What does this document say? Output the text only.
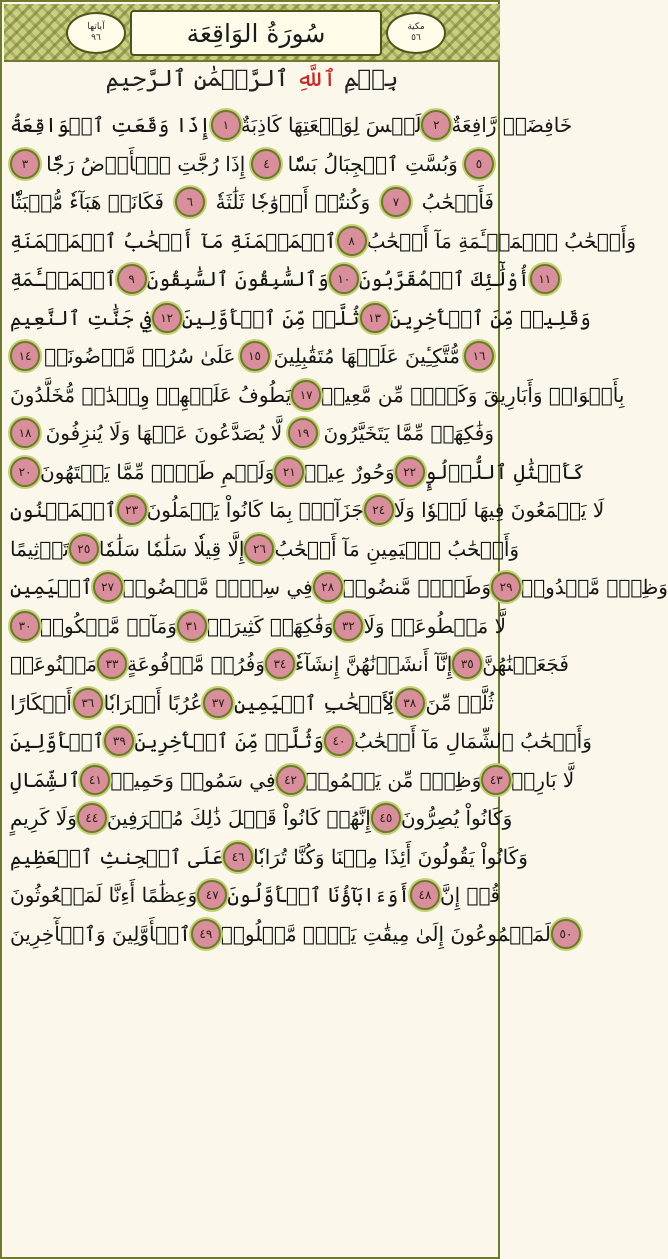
آياتها
٩٦	سُورَةُ الوَاقِعَة	مكية
٥٦
بِسۡمِ ٱللَّهِ ٱلرَّحۡمَٰنِ ٱلرَّحِيمِ
إِذَا وَقَعَتِ ٱلۡوَاقِعَةُ ١ لَيۡسَ لِوَقۡعَتِهَا كَاذِبَةٌ ٢ خَافِضَةٞ رَّافِعَةٌ
٣ إِذَا رُجَّتِ ٱلۡأَرۡضُ رَجّٗا	٤ وَبُسَّتِ ٱلۡجِبَالُ بَسّٗا	٥
فَكَانَتۡ هَبَآءٗ مُّنۢبَثّٗا	٦	وَكُنتُمۡ أَزۡوَٰجٗا ثَلَٰثَةٗ	٧	فَأَصۡحَٰبُ
ٱلۡمَيۡمَنَةِ مَآ أَصۡحَٰبُ ٱلۡمَيۡمَنَةِ ٨ وَأَصۡحَٰبُ ٱلۡمَشۡـَٔمَةِ مَآ أَصۡحَٰبُ
ٱلۡمَشۡـَٔمَةِ ٩ وَٱلسَّٰبِقُونَ ٱلسَّٰبِقُونَ ١٠ أُوْلَٰٓئِكَ ٱلۡمُقَرَّبُونَ ١١
فِي جَنَّٰتِ ٱلنَّعِيمِ ١٢ ثُلَّةٞ مِّنَ ٱلۡأَوَّلِينَ ١٣ وَقَلِيلٞ مِّنَ ٱلۡأٓخِرِينَ
١٤ عَلَىٰ سُرُرٖ مَّوۡضُونَةٖ	١٥ مُّتَّكِـِٔينَ عَلَيۡهَا مُتَقَٰبِلِينَ	١٦
يَطُوفُ عَلَيۡهِمۡ وِلۡدَٰنٞ مُّخَلَّدُونَ ١٧ بِأَكۡوَابٖ وَأَبَارِيقَ وَكَأۡسٖ مِّن مَّعِينٖ
١٨ لَّا يُصَدَّعُونَ عَنۡهَا وَلَا يُنزِفُونَ	١٩ وَفَٰكِهَةٖ مِّمَّا يَتَخَيَّرُونَ
٢٠ وَلَحۡمِ طَيۡرٖ مِّمَّا يَشۡتَهُونَ ٢١ وَحُورٌ عِينٞ ٢٢ كَأَمۡثَٰلِ ٱللُّؤۡلُوِٕ
ٱلۡمَكۡنُونِ ٢٣ جَزَآءَۢ بِمَا كَانُواْ يَعۡمَلُونَ ٢٤ لَا يَسۡمَعُونَ فِيهَا لَغۡوٗا وَلَا
تَأۡثِيمًا ٢٥ إِلَّا قِيلٗا سَلَٰمٗا سَلَٰمٗا ٢٦ وَأَصۡحَٰبُ ٱلۡيَمِينِ مَآ أَصۡحَٰبُ
ٱلۡيَمِينِ ٢٧ فِي سِدۡرٖ مَّخۡضُودٖ ٢٨ وَطَلۡحٖ مَّنضُودٖ ٢٩ وَظِلّٖ مَّمۡدُودٖ
٣٠ وَمَآءٖ مَّسۡكُوبٖ ٣١ وَفَٰكِهَةٖ كَثِيرَةٖ ٣٢ لَّا مَقۡطُوعَةٖ وَلَا
مَمۡنُوعَةٖ ٣٣ وَفُرُشٖ مَّرۡفُوعَةٍ ٣٤ إِنَّآ أَنشَأۡنَٰهُنَّ إِنشَآءٗ ٣٥ فَجَعَلۡنَٰهُنَّ
أَبۡكَارًا ٣٦ عُرُبًا أَتۡرَابٗا ٣٧ لِّأَصۡحَٰبِ ٱلۡيَمِينِ ٣٨ ثُلَّةٞ مِّنَ
ٱلۡأَوَّلِينَ ٣٩ وَثُلَّةٞ مِّنَ ٱلۡأٓخِرِينَ ٤٠ وَأَصۡحَٰبُ ٱلشِّمَالِ مَآ أَصۡحَٰبُ
ٱلشِّمَالِ ٤١ فِي سَمُومٖ وَحَمِيمٖ ٤٢ وَظِلّٖ مِّن يَحۡمُومٖ ٤٣ لَّا بَارِدٖ
وَلَا كَرِيمٍ ٤٤ إِنَّهُمۡ كَانُواْ قَبۡلَ ذَٰلِكَ مُتۡرَفِينَ ٤٥ وَكَانُواْ يُصِرُّونَ
عَلَى ٱلۡحِنثِ ٱلۡعَظِيمِ ٤٦ وَكَانُواْ يَقُولُونَ أَئِذَا مِتۡنَا وَكُنَّا تُرَابٗا
وَعِظَٰمًا أَءِنَّا لَمَبۡعُوثُونَ ٤٧ أَوَءَابَآؤُنَا ٱلۡأَوَّلُونَ ٤٨ قُلۡ إِنَّ
ٱلۡأَوَّلِينَ وَٱلۡأٓخِرِينَ ٤٩ لَمَجۡمُوعُونَ إِلَىٰ مِيقَٰتِ يَوۡمٖ مَّعۡلُومٖ ٥٠
